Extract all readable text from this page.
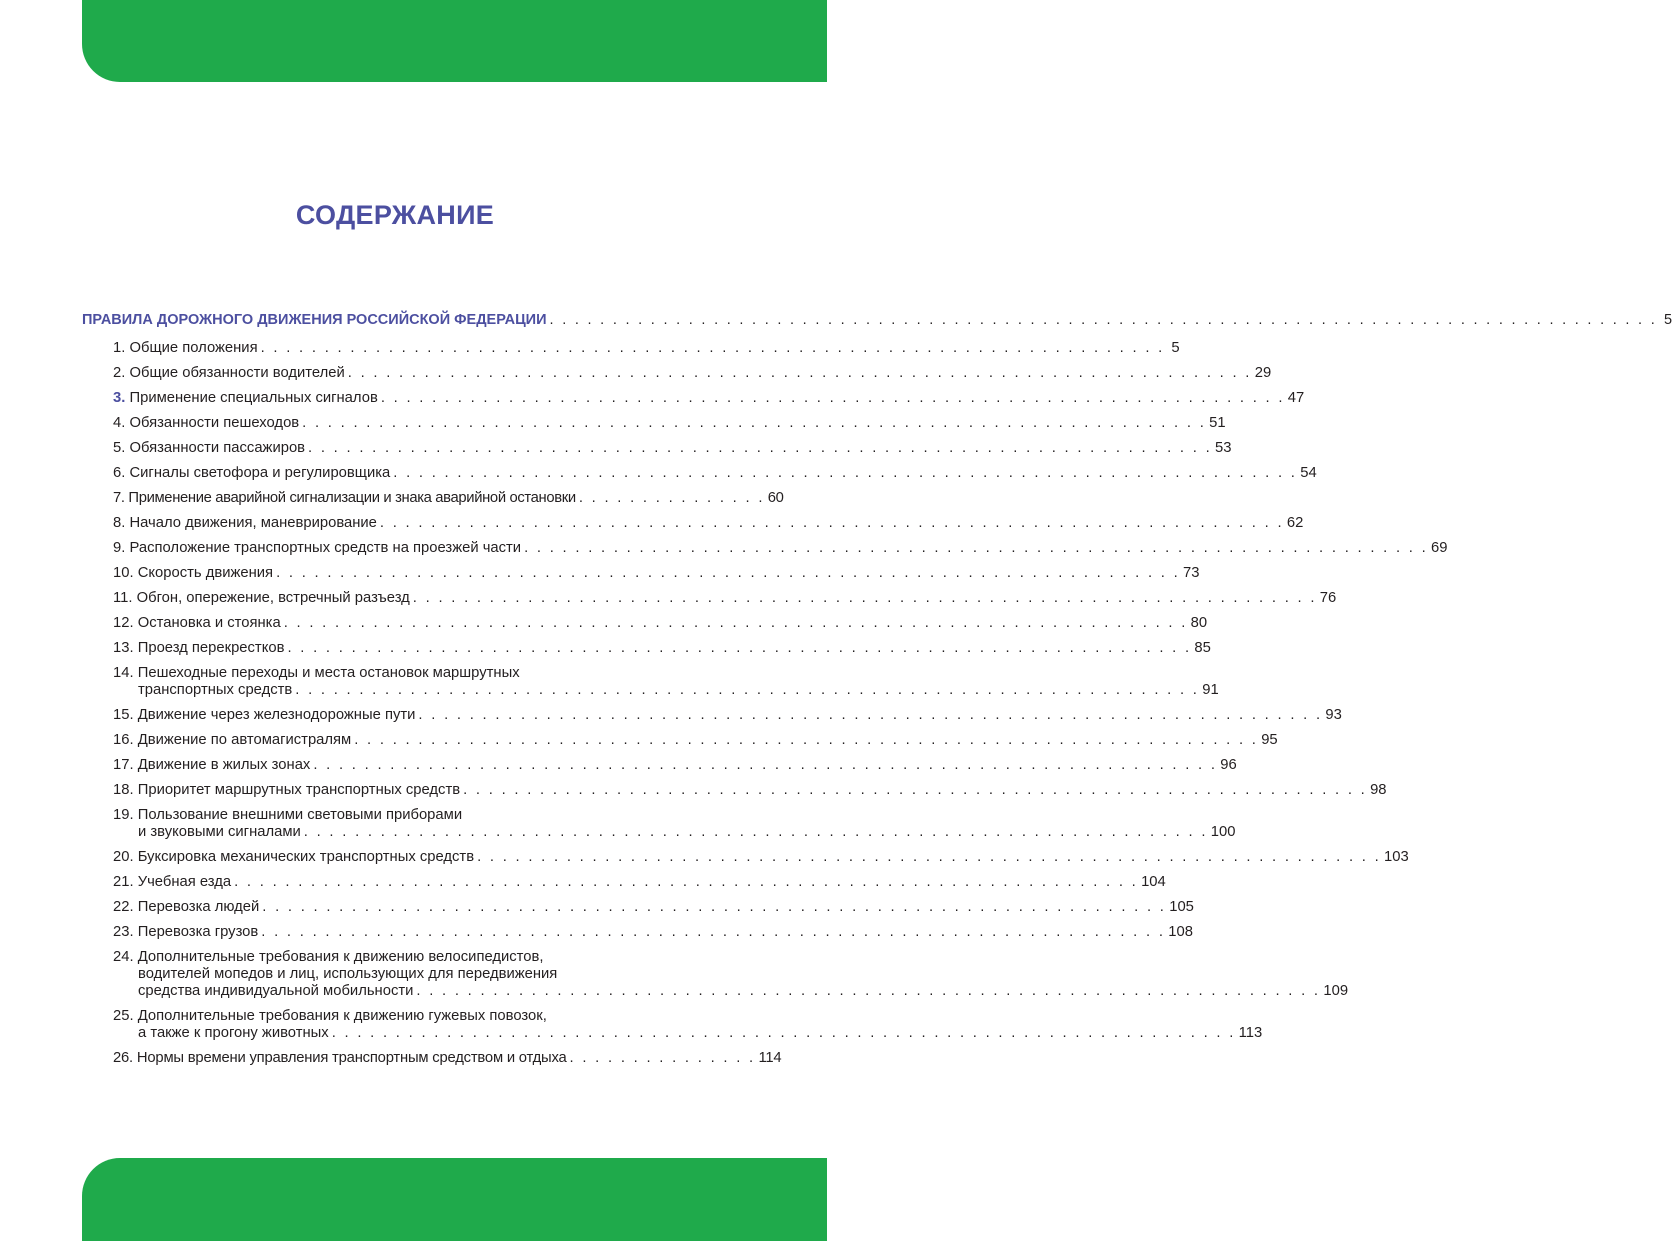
СОДЕРЖАНИЕ
ПРАВИЛА ДОРОЖНОГО ДВИЖЕНИЯ РОССИЙСКОЙ ФЕДЕРАЦИИ . . . . . . . . . . . . . . . . . . . . . . . . . . . . . . . . . . . . . . . . . . . . . . . . . . . . . . . . . . . . . . . . . . . . . . . . . . . . . . . . . . . . . . . . 5
1. Общие положения . . . . . . . . . . . . . . . . . . . . . . . . . . . . . . . . . . . . . . . . . . . . . . . . . . . . . . . . . . . . . . . . . . . . . . . 5
2. Общие обязанности водителей . . . . . . . . . . . . . . . . . . . . . . . . . . . . . . . . . . . . . . . . . . . . . . . . . . . . . . . . . . . . . . . . . . . . . . . 29
3. Применение специальных сигналов . . . . . . . . . . . . . . . . . . . . . . . . . . . . . . . . . . . . . . . . . . . . . . . . . . . . . . . . . . . . . . . . . . . . . . . 47
4. Обязанности пешеходов . . . . . . . . . . . . . . . . . . . . . . . . . . . . . . . . . . . . . . . . . . . . . . . . . . . . . . . . . . . . . . . . . . . . . . . 51
5. Обязанности пассажиров . . . . . . . . . . . . . . . . . . . . . . . . . . . . . . . . . . . . . . . . . . . . . . . . . . . . . . . . . . . . . . . . . . . . . . . 53
6. Сигналы светофора и регулировщика . . . . . . . . . . . . . . . . . . . . . . . . . . . . . . . . . . . . . . . . . . . . . . . . . . . . . . . . . . . . . . . . . . . . . . . 54
7. Применение аварийной сигнализации и знака аварийной остановки . . . . . . . . . . . . . . . 60
8. Начало движения, маневрирование . . . . . . . . . . . . . . . . . . . . . . . . . . . . . . . . . . . . . . . . . . . . . . . . . . . . . . . . . . . . . . . . . . . . . . . 62
9. Расположение транспортных средств на проезжей части . . . . . . . . . . . . . . . . . . . . . . . . . . . . . . . . . . . . . . . . . . . . . . . . . . . . . . . . . . . . . . . . . . . . . . . 69
10. Скорость движения . . . . . . . . . . . . . . . . . . . . . . . . . . . . . . . . . . . . . . . . . . . . . . . . . . . . . . . . . . . . . . . . . . . . . . . 73
11. Обгон, опережение, встречный разъезд . . . . . . . . . . . . . . . . . . . . . . . . . . . . . . . . . . . . . . . . . . . . . . . . . . . . . . . . . . . . . . . . . . . . . . . 76
12. Остановка и стоянка . . . . . . . . . . . . . . . . . . . . . . . . . . . . . . . . . . . . . . . . . . . . . . . . . . . . . . . . . . . . . . . . . . . . . . . 80
13. Проезд перекрестков . . . . . . . . . . . . . . . . . . . . . . . . . . . . . . . . . . . . . . . . . . . . . . . . . . . . . . . . . . . . . . . . . . . . . . . 85
14. Пешеходные переходы и места остановок маршрутных
транспортных средств . . . . . . . . . . . . . . . . . . . . . . . . . . . . . . . . . . . . . . . . . . . . . . . . . . . . . . . . . . . . . . . . . . . . . . . 91
15. Движение через железнодорожные пути . . . . . . . . . . . . . . . . . . . . . . . . . . . . . . . . . . . . . . . . . . . . . . . . . . . . . . . . . . . . . . . . . . . . . . . 93
16. Движение по автомагистралям . . . . . . . . . . . . . . . . . . . . . . . . . . . . . . . . . . . . . . . . . . . . . . . . . . . . . . . . . . . . . . . . . . . . . . . 95
17. Движение в жилых зонах . . . . . . . . . . . . . . . . . . . . . . . . . . . . . . . . . . . . . . . . . . . . . . . . . . . . . . . . . . . . . . . . . . . . . . . 96
18. Приоритет маршрутных транспортных средств . . . . . . . . . . . . . . . . . . . . . . . . . . . . . . . . . . . . . . . . . . . . . . . . . . . . . . . . . . . . . . . . . . . . . . . 98
19. Пользование внешними световыми приборами
и звуковыми сигналами . . . . . . . . . . . . . . . . . . . . . . . . . . . . . . . . . . . . . . . . . . . . . . . . . . . . . . . . . . . . . . . . . . . . . . . 100
20. Буксировка механических транспортных средств . . . . . . . . . . . . . . . . . . . . . . . . . . . . . . . . . . . . . . . . . . . . . . . . . . . . . . . . . . . . . . . . . . . . . . . 103
21. Учебная езда . . . . . . . . . . . . . . . . . . . . . . . . . . . . . . . . . . . . . . . . . . . . . . . . . . . . . . . . . . . . . . . . . . . . . . . 104
22. Перевозка людей . . . . . . . . . . . . . . . . . . . . . . . . . . . . . . . . . . . . . . . . . . . . . . . . . . . . . . . . . . . . . . . . . . . . . . . 105
23. Перевозка грузов . . . . . . . . . . . . . . . . . . . . . . . . . . . . . . . . . . . . . . . . . . . . . . . . . . . . . . . . . . . . . . . . . . . . . . . 108
24. Дополнительные требования к движению велосипедистов,
водителей мопедов и лиц, использующих для передвижения
средства индивидуальной мобильности . . . . . . . . . . . . . . . . . . . . . . . . . . . . . . . . . . . . . . . . . . . . . . . . . . . . . . . . . . . . . . . . . . . . . . . 109
25. Дополнительные требования к движению гужевых повозок,
а также к прогону животных . . . . . . . . . . . . . . . . . . . . . . . . . . . . . . . . . . . . . . . . . . . . . . . . . . . . . . . . . . . . . . . . . . . . . . . 113
26. Нормы времени управления транспортным средством и отдыха . . . . . . . . . . . . . . . 114
